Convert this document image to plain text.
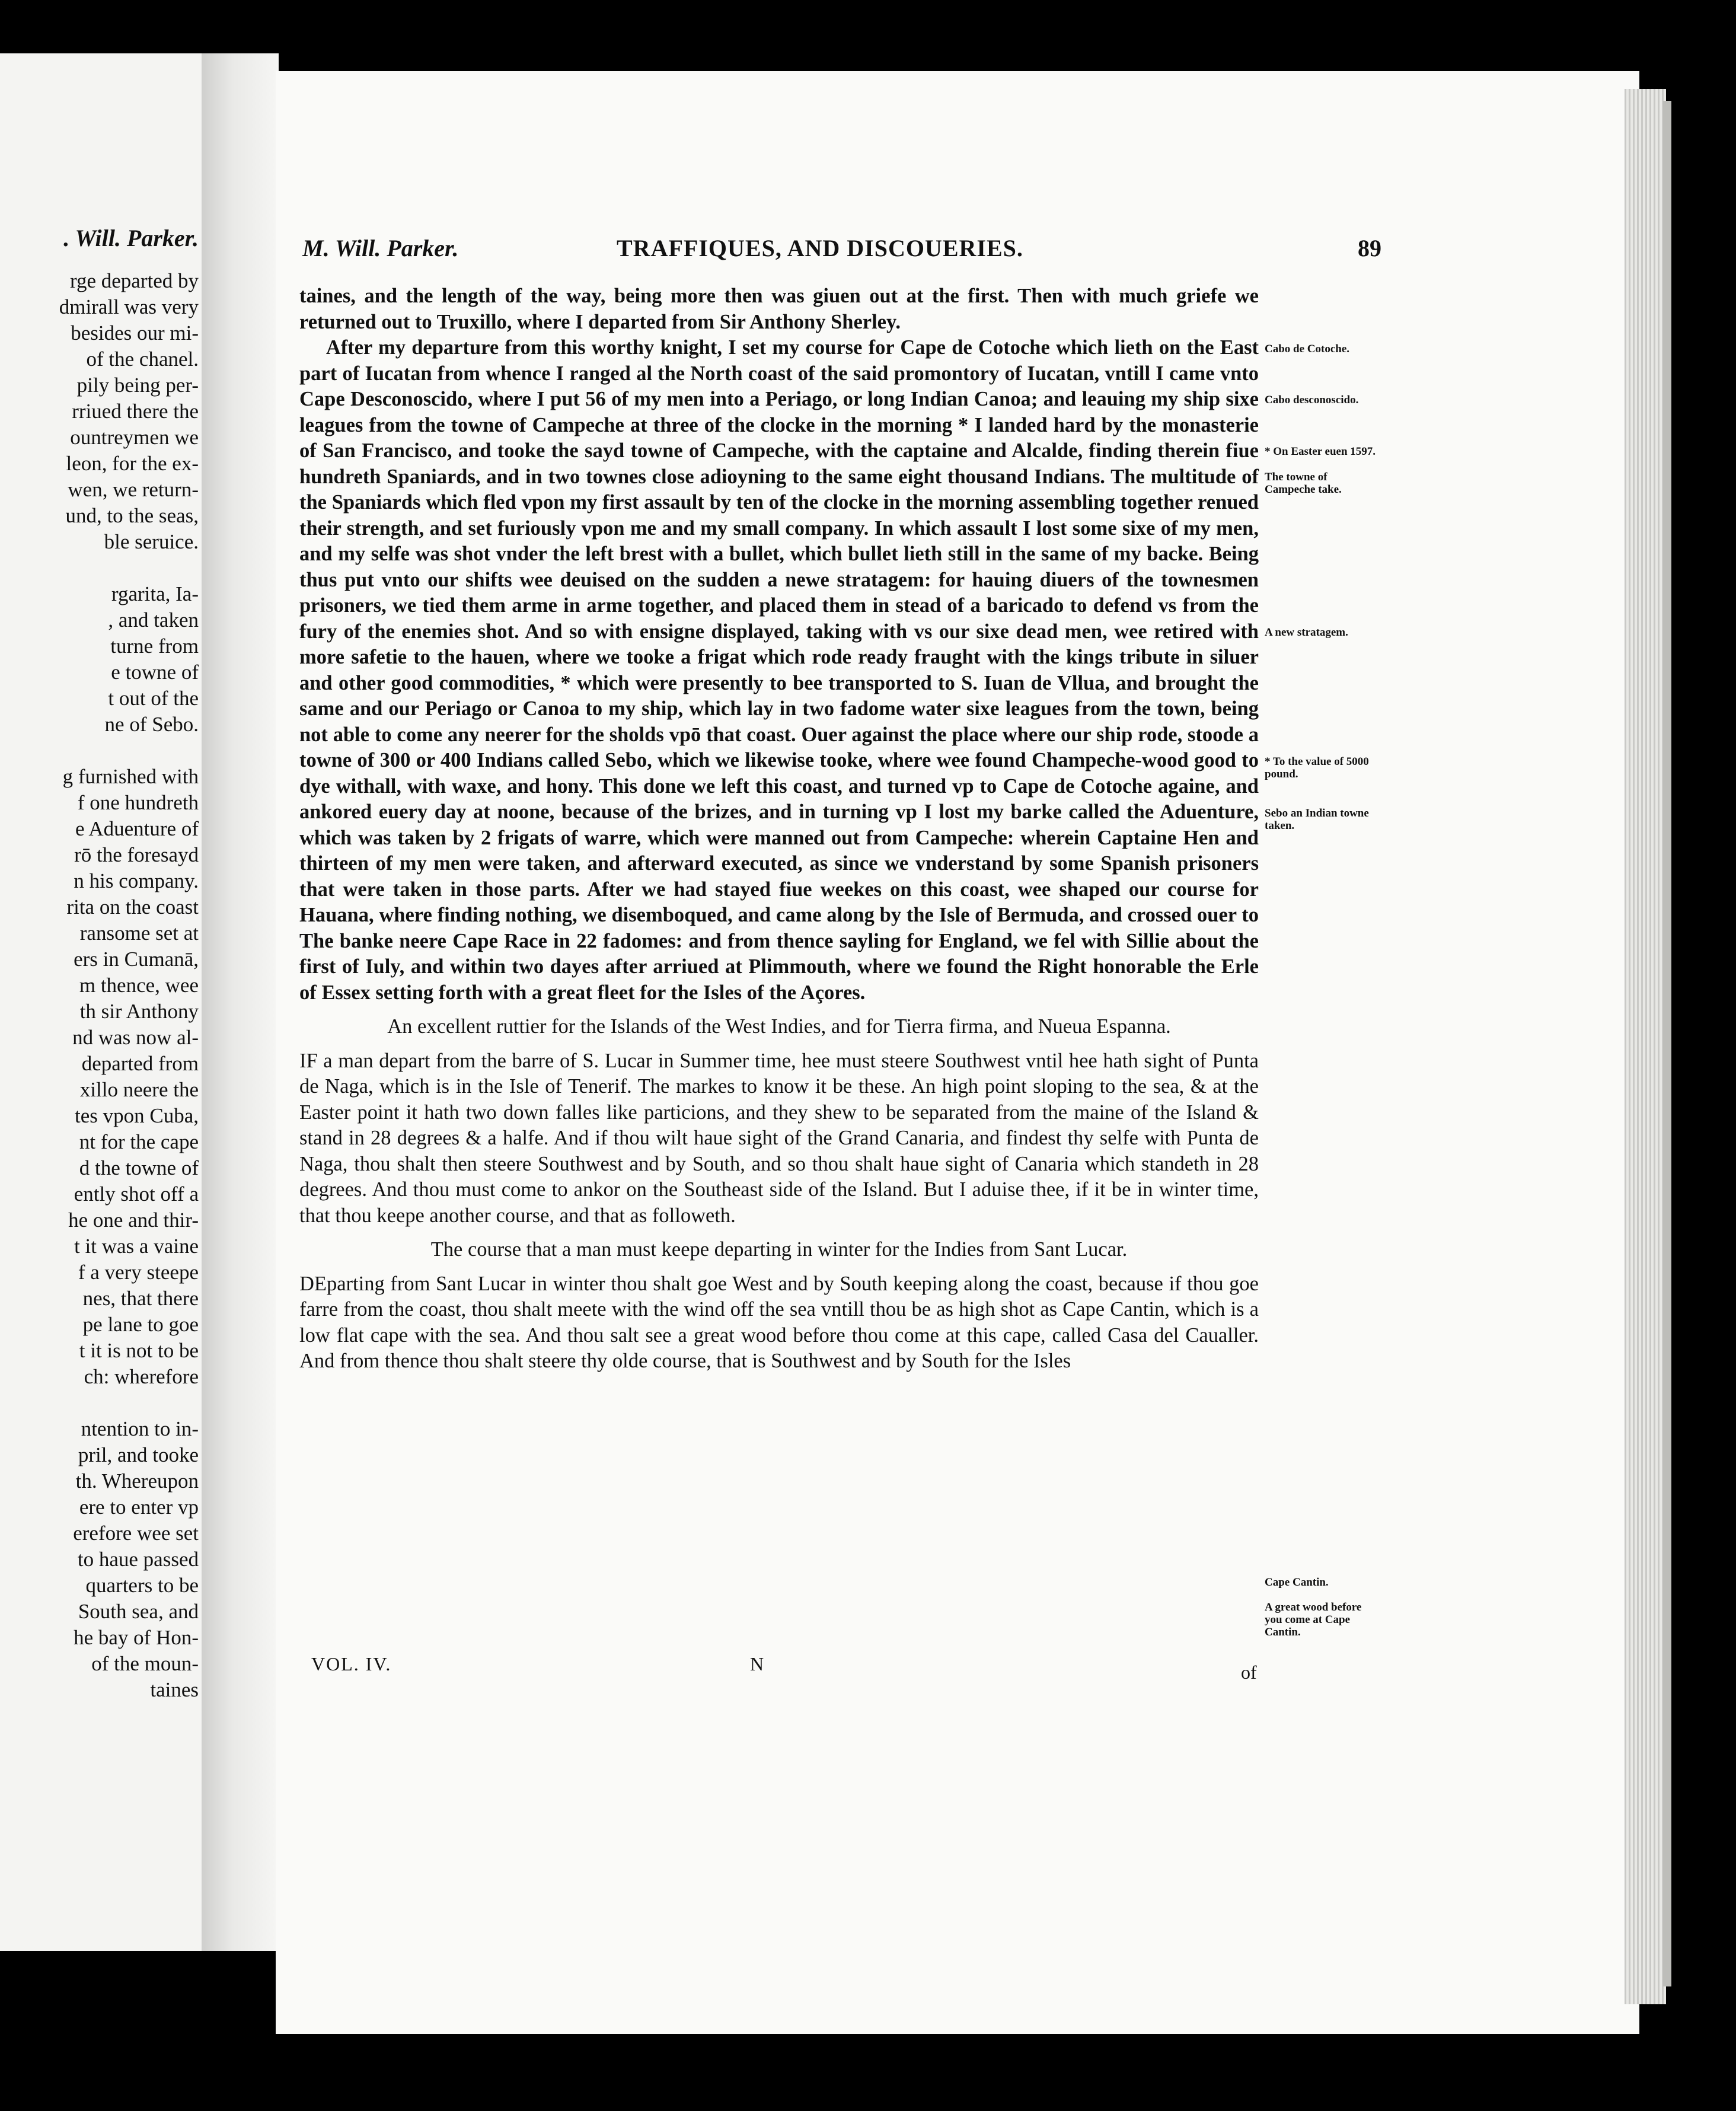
. Will. Parker.
rge departed by
dmirall was very
besides our mi-
of the chanel.
pily being per-
rriued there the
ountreymen we
leon, for the ex-
wen, we return-
und, to the seas,
ble seruice.
rgarita, Ia-
, and taken
turne from
e towne of
t out of the
ne of Sebo.
g furnished with
f one hundreth
e Aduenture of
rō the foresayd
n his company.
rita on the coast
ransome set at
ers in Cumanā,
m thence, wee
th sir Anthony
nd was now al-
departed from
xillo neere the
tes vpon Cuba,
nt for the cape
d the towne of
ently shot off a
he one and thir-
t it was a vaine
f a very steepe
nes, that there
pe lane to goe
t it is not to be
ch: wherefore
ntention to in-
pril, and tooke
th. Whereupon
ere to enter vp
erefore wee set
to haue passed
quarters to be
South sea, and
he bay of Hon-
of the moun-
taines
M. Will. Parker.	TRAFFIQUES, AND DISCOUERIES.	89

taines, and the length of the way, being more then was giuen out at the first. Then with much griefe we returned out to Truxillo, where I departed from Sir Anthony Sherley.

After my departure from this worthy knight, I set my course for Cape de Cotoche which lieth on the East part of Iucatan from whence I ranged al the North coast of the said promontory of Iucatan, vntill I came vnto Cape Desconoscido, where I put 56 of my men into a Periago, or long Indian Canoa; and leauing my ship sixe leagues from the towne of Campeche at three of the clocke in the morning * I landed hard by the monasterie of San Francisco, and tooke the sayd towne of Campeche, with the captaine and Alcalde, finding therein fiue hundreth Spaniards, and in two townes close adioyning to the same eight thousand Indians. The multitude of the Spaniards which fled vpon my first assault by ten of the clocke in the morning assembling together renued their strength, and set furiously vpon me and my small company. In which assault I lost some sixe of my men, and my selfe was shot vnder the left brest with a bullet, which bullet lieth still in the same of my backe. Being thus put vnto our shifts wee deuised on the sudden a newe stratagem: for hauing diuers of the townesmen prisoners, we tied them arme in arme together, and placed them in stead of a baricado to defend vs from the fury of the enemies shot. And so with ensigne displayed, taking with vs our sixe dead men, wee retired with more safetie to the hauen, where we tooke a frigat which rode ready fraught with the kings tribute in siluer and other good commodities, * which were presently to bee transported to S. Iuan de Vllua, and brought the same and our Periago or Canoa to my ship, which lay in two fadome water sixe leagues from the town, being not able to come any neerer for the sholds vpō that coast. Ouer against the place where our ship rode, stoode a towne of 300 or 400 Indians called Sebo, which we likewise tooke, where wee found Champeche-wood good to dye withall, with waxe, and hony. This done we left this coast, and turned vp to Cape de Cotoche againe, and ankored euery day at noone, because of the brizes, and in turning vp I lost my barke called the Aduenture, which was taken by 2 frigats of warre, which were manned out from Campeche: wherein Captaine Hen and thirteen of my men were taken, and afterward executed, as since we vnderstand by some Spanish prisoners that were taken in those parts. After we had stayed fiue weekes on this coast, wee shaped our course for Hauana, where finding nothing, we disemboqued, and came along by the Isle of Bermuda, and crossed ouer to The banke neere Cape Race in 22 fadomes: and from thence sayling for England, we fel with Sillie about the first of Iuly, and within two dayes after arriued at Plimmouth, where we found the Right honorable the Erle of Essex setting forth with a great fleet for the Isles of the Açores.

An excellent ruttier for the Islands of the West Indies, and for Tierra firma, and Nueua Espanna.

IF a man depart from the barre of S. Lucar in Summer time, hee must steere Southwest vntil hee hath sight of Punta de Naga, which is in the Isle of Tenerif. The markes to know it be these. An high point sloping to the sea, & at the Easter point it hath two down falles like particions, and they shew to be separated from the maine of the Island & stand in 28 degrees & a halfe. And if thou wilt haue sight of the Grand Canaria, and findest thy selfe with Punta de Naga, thou shalt then steere Southwest and by South, and so thou shalt haue sight of Canaria which standeth in 28 degrees. And thou must come to ankor on the Southeast side of the Island. But I aduise thee, if it be in winter time, that thou keepe another course, and that as followeth.

The course that a man must keepe departing in winter for the Indies from Sant Lucar.

DEparting from Sant Lucar in winter thou shalt goe West and by South keeping along the coast, because if thou goe farre from the coast, thou shalt meete with the wind off the sea vntill thou be as high shot as Cape Cantin, which is a low flat cape with the sea. And thou salt see a great wood before thou come at this cape, called Casa del Caualler. And from thence thou shalt steere thy olde course, that is Southwest and by South for the Isles

Cabo de Cotoche.
Cabo desconoscido.
* On Easter euen 1597.
The towne of Campeche take.
A new stratagem.
* To the value of 5000 pound.
Sebo an Indian towne taken.
Cape Cantin.
A great wood before you come at Cape Cantin.
VOL. IV.	N	of
